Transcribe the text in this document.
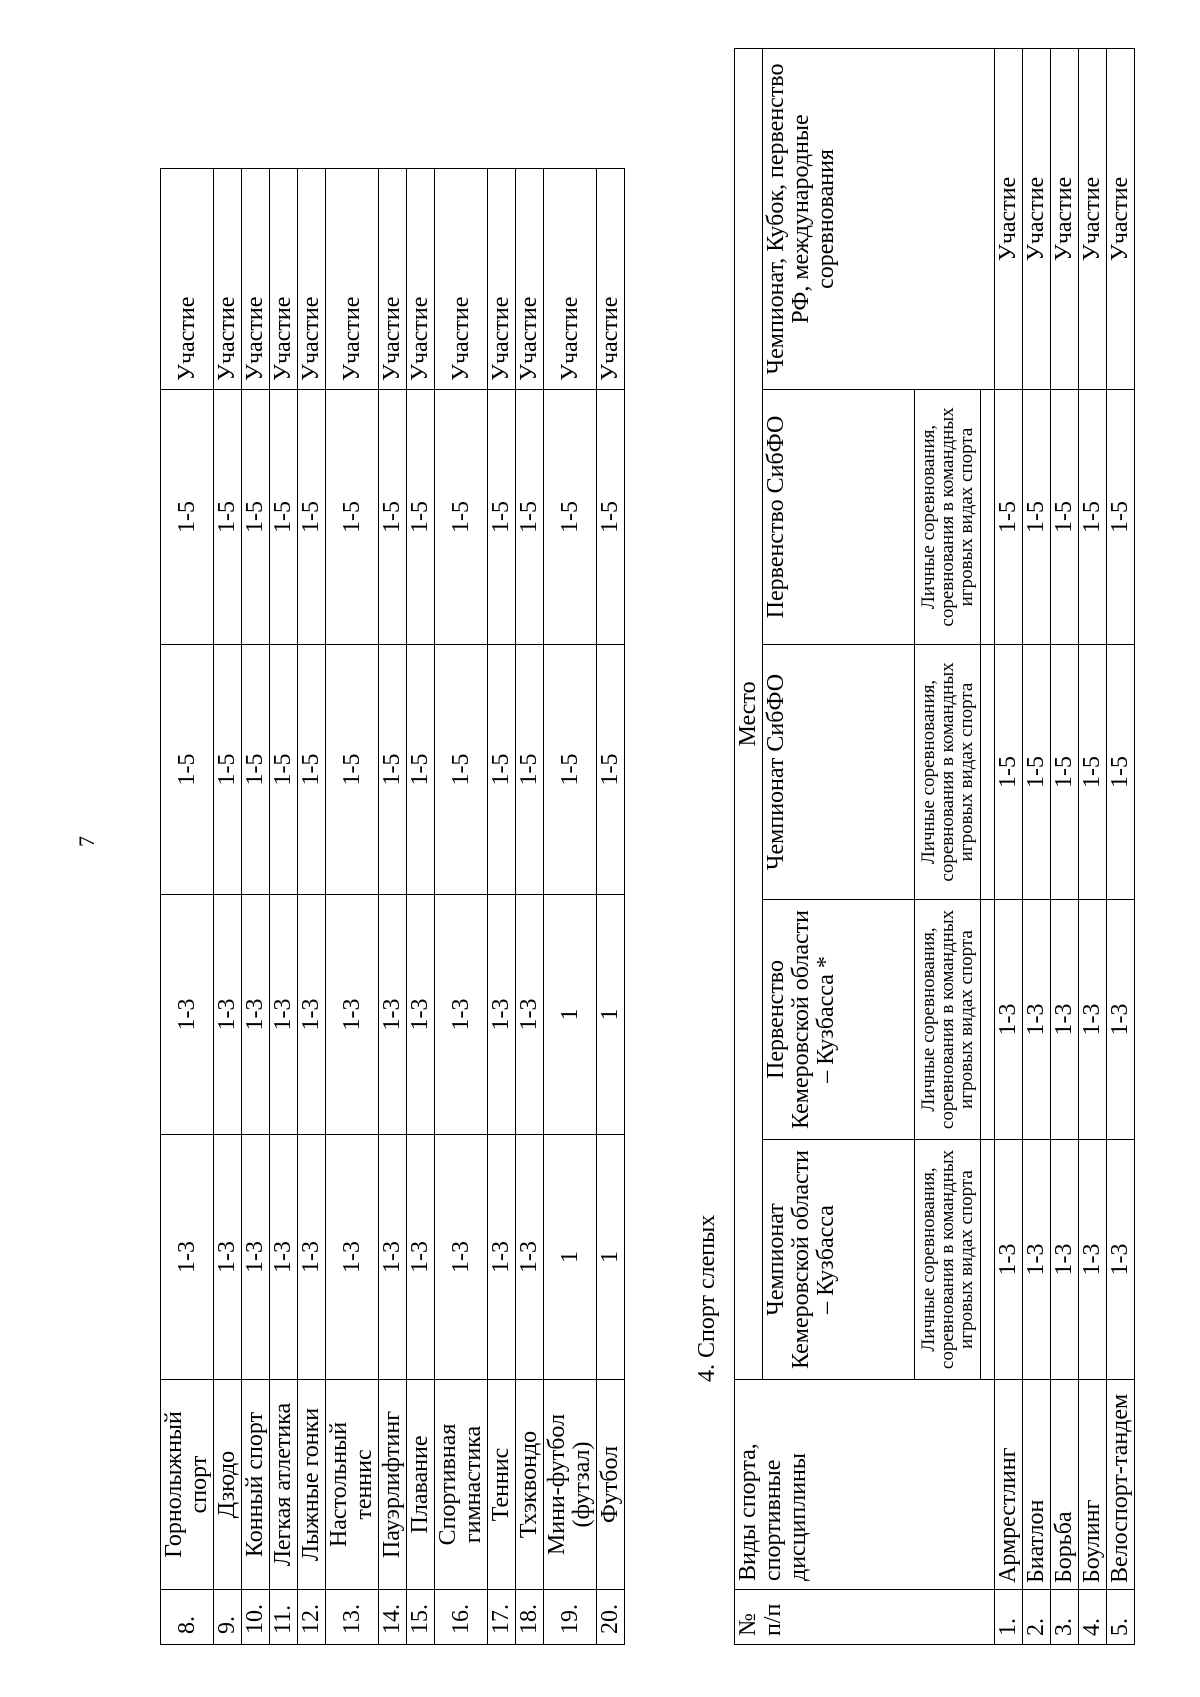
7
8.	Горнолыжный спорт	1-3	1-3	1-5	1-5	Участие
9.	Дзюдо	1-3	1-3	1-5	1-5	Участие
10.	Конный спорт	1-3	1-3	1-5	1-5	Участие
11.	Легкая атлетика	1-3	1-3	1-5	1-5	Участие
12.	Лыжные гонки	1-3	1-3	1-5	1-5	Участие
13.	Настольный теннис	1-3	1-3	1-5	1-5	Участие
14.	Пауэрлифтинг	1-3	1-3	1-5	1-5	Участие
15.	Плавание	1-3	1-3	1-5	1-5	Участие
16.	Спортивная гимнастика	1-3	1-3	1-5	1-5	Участие
17.	Теннис	1-3	1-3	1-5	1-5	Участие
18.	Тхэквондо	1-3	1-3	1-5	1-5	Участие
19.	Мини-футбол (футзал)	1	1	1-5	1-5	Участие
20.	Футбол	1	1	1-5	1-5	Участие
4. Спорт слепых
№ п/п	Виды спорта, спортивные дисциплины	Место				
		Чемпионат Кемеровской области – Кузбасса	Первенство Кемеровской области – Кузбасса *	Чемпионат СибФО	Первенство СибФО	Чемпионат, Кубок, первенство РФ, международные соревнования
		Личные соревнования, соревнования в командных игровых видах спорта	Личные соревнования, соревнования в командных игровых видах спорта	Личные соревнования, соревнования в командных игровых видах спорта	Личные соревнования, соревнования в командных игровых видах спорта	

1.	Армрестлинг	1-3	1-3	1-5	1-5	Участие
2.	Биатлон	1-3	1-3	1-5	1-5	Участие
3.	Борьба	1-3	1-3	1-5	1-5	Участие
4.	Боулинг	1-3	1-3	1-5	1-5	Участие
5.	Велоспорт-тандем	1-3	1-3	1-5	1-5	Участие
